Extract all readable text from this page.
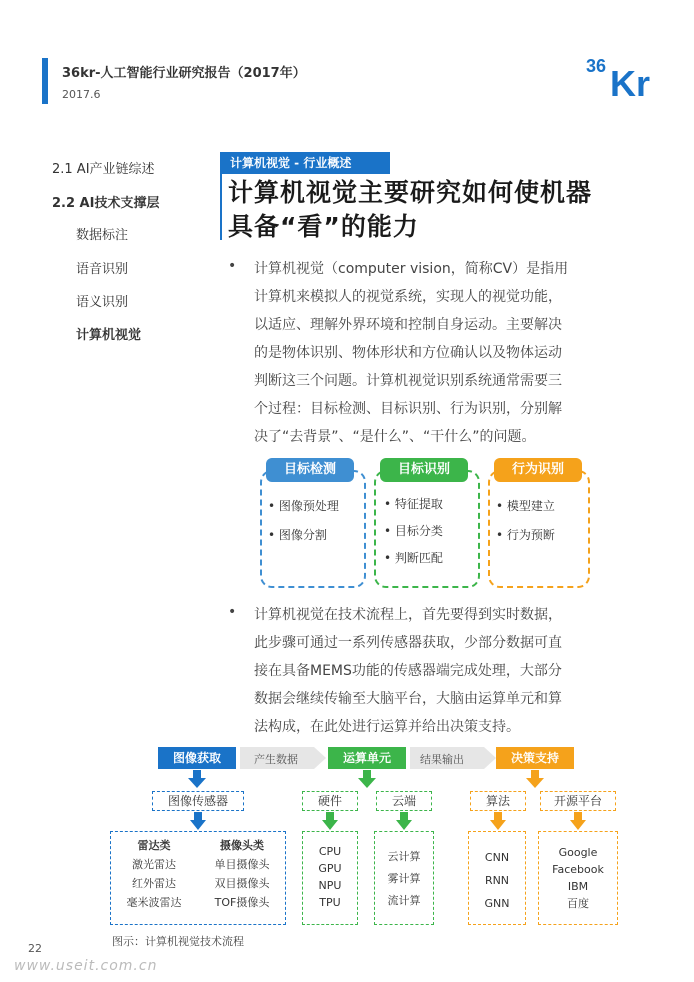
36kr-人工智能行业研究报告（2017年）
2017.6
36 Kr
2.1 AI产业链综述
2.2 AI技术支撑层
数据标注
语音识别
语义识别
计算机视觉
计算机视觉 - 行业概述
计算机视觉主要研究如何使机器
具备“看”的能力
• 计算机视觉（computer vision，简称CV）是指用
计算机来模拟人的视觉系统，实现人的视觉功能，
以适应、理解外界环境和控制自身运动。主要解决
的是物体识别、物体形状和方位确认以及物体运动
判断这三个问题。计算机视觉识别系统通常需要三
个过程：目标检测、目标识别、行为识别，分别解
决了“去背景”、“是什么”、“干什么”的问题。
目标检测
• 图像预处理
• 图像分割
目标识别
• 特征提取
• 目标分类
• 判断匹配
行为识别
• 模型建立
• 行为预断
• 计算机视觉在技术流程上，首先要得到实时数据，
此步骤可通过一系列传感器获取，少部分数据可直
接在具备MEMS功能的传感器端完成处理，大部分
数据会继续传输至大脑平台，大脑由运算单元和算
法构成，在此处进行运算并给出决策支持。
产生数据	结果输出
图像获取	运算单元	决策支持
图像传感器	硬件	云端	算法	开源平台
雷达类
激光雷达
红外雷达
毫米波雷达
摄像头类
单目摄像头
双目摄像头
TOF摄像头
CPU
GPU
NPU
TPU
云计算
雾计算
流计算
CNN
RNN
GNN
Google
Facebook
IBM
百度
图示：计算机视觉技术流程
22
www.useit.com.cn
